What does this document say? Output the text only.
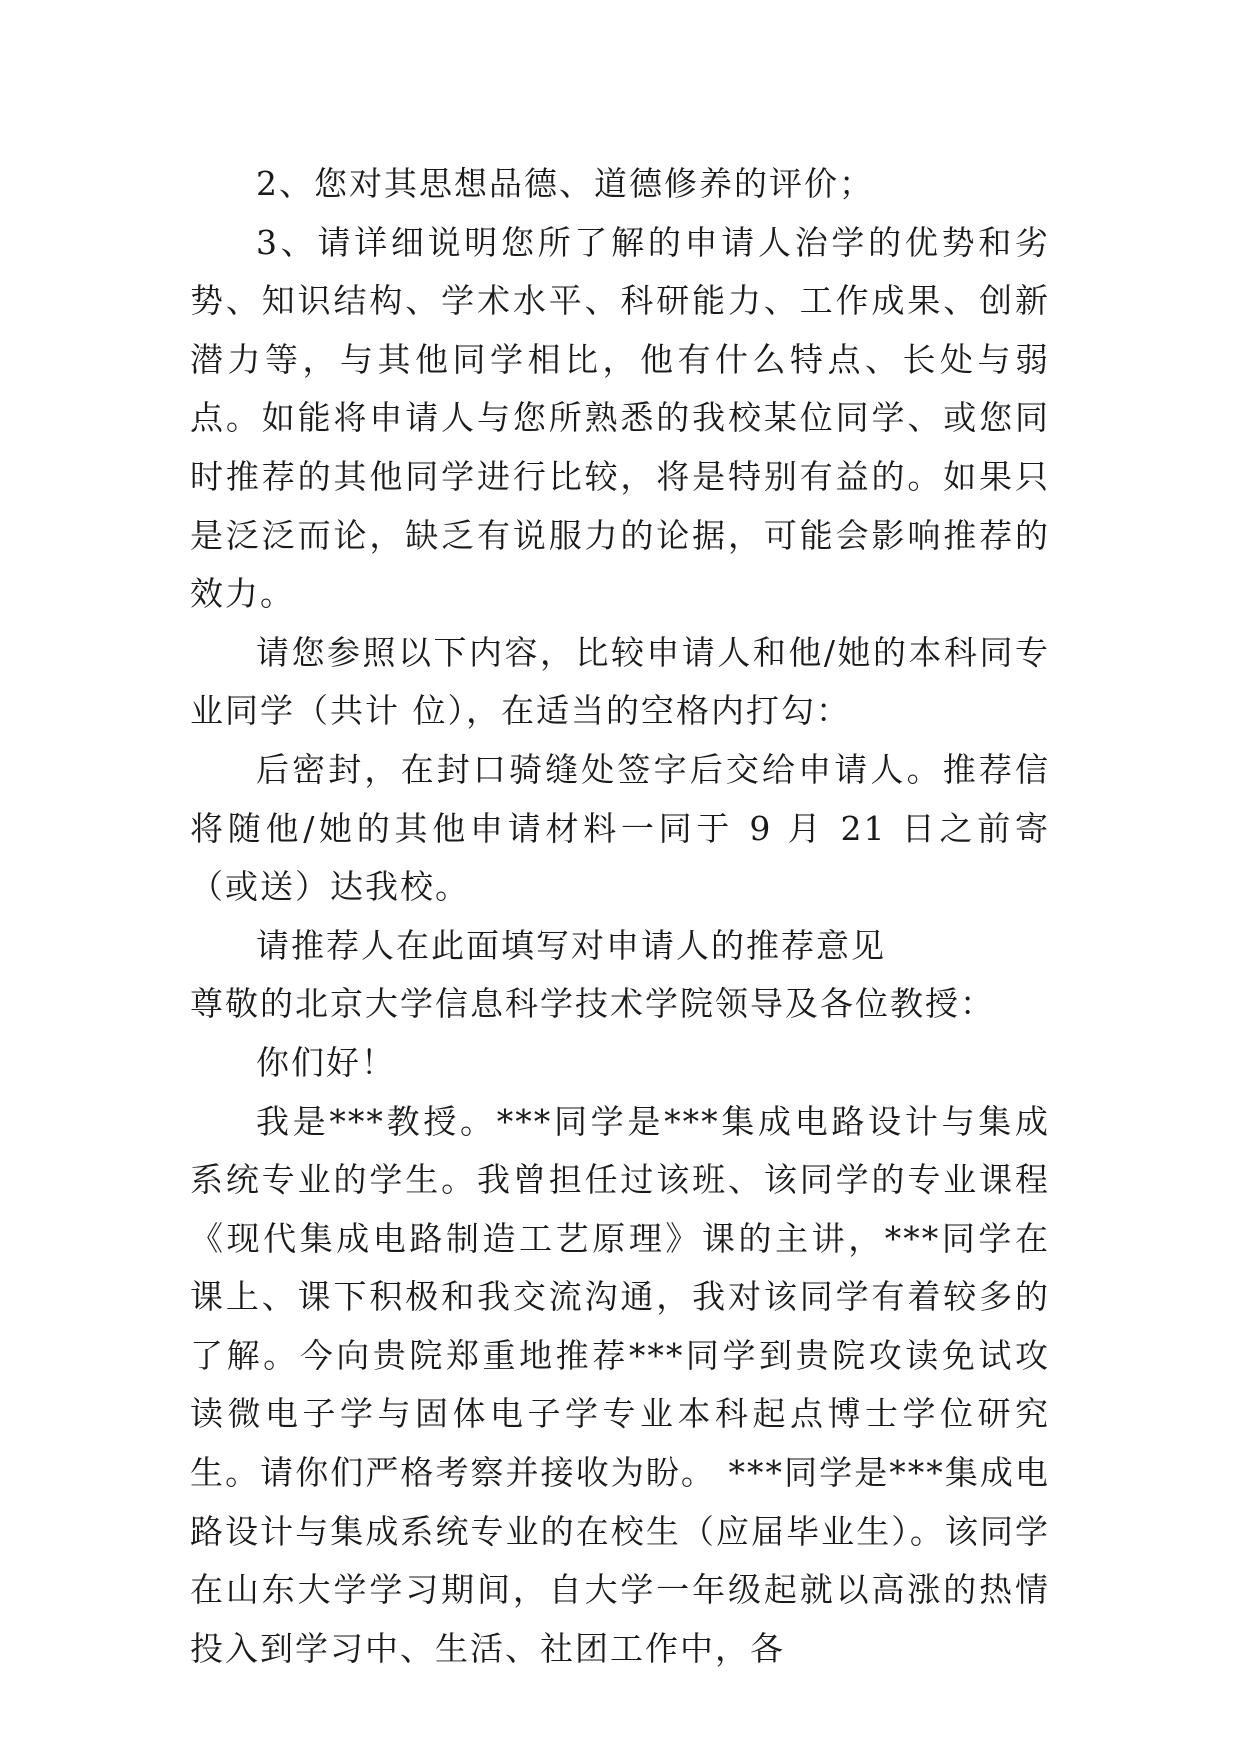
2、您对其思想品德、道德修养的评价；

3、请详细说明您所了解的申请人治学的优势和劣势、知识结构、学术水平、科研能力、工作成果、创新潜力等，与其他同学相比，他有什么特点、长处与弱点。如能将申请人与您所熟悉的我校某位同学、或您同时推荐的其他同学进行比较，将是特别有益的。如果只是泛泛而论，缺乏有说服力的论据，可能会影响推荐的效力。

请您参照以下内容，比较申请人和他/她的本科同专业同学（共计 位），在适当的空格内打勾：

后密封，在封口骑缝处签字后交给申请人。推荐信将随他/她的其他申请材料一同于 9 月 21 日之前寄（或送）达我校。

请推荐人在此面填写对申请人的推荐意见

尊敬的北京大学信息科学技术学院领导及各位教授：

你们好！

我是***教授。***同学是***集成电路设计与集成系统专业的学生。我曾担任过该班、该同学的专业课程《现代集成电路制造工艺原理》课的主讲，***同学在课上、课下积极和我交流沟通，我对该同学有着较多的了解。今向贵院郑重地推荐***同学到贵院攻读免试攻读微电子学与固体电子学专业本科起点博士学位研究生。请你们严格考察并接收为盼。 ***同学是***集成电路设计与集成系统专业的在校生（应届毕业生）。该同学在山东大学学习期间，自大学一年级起就以高涨的热情投入到学习中、生活、社团工作中，各
